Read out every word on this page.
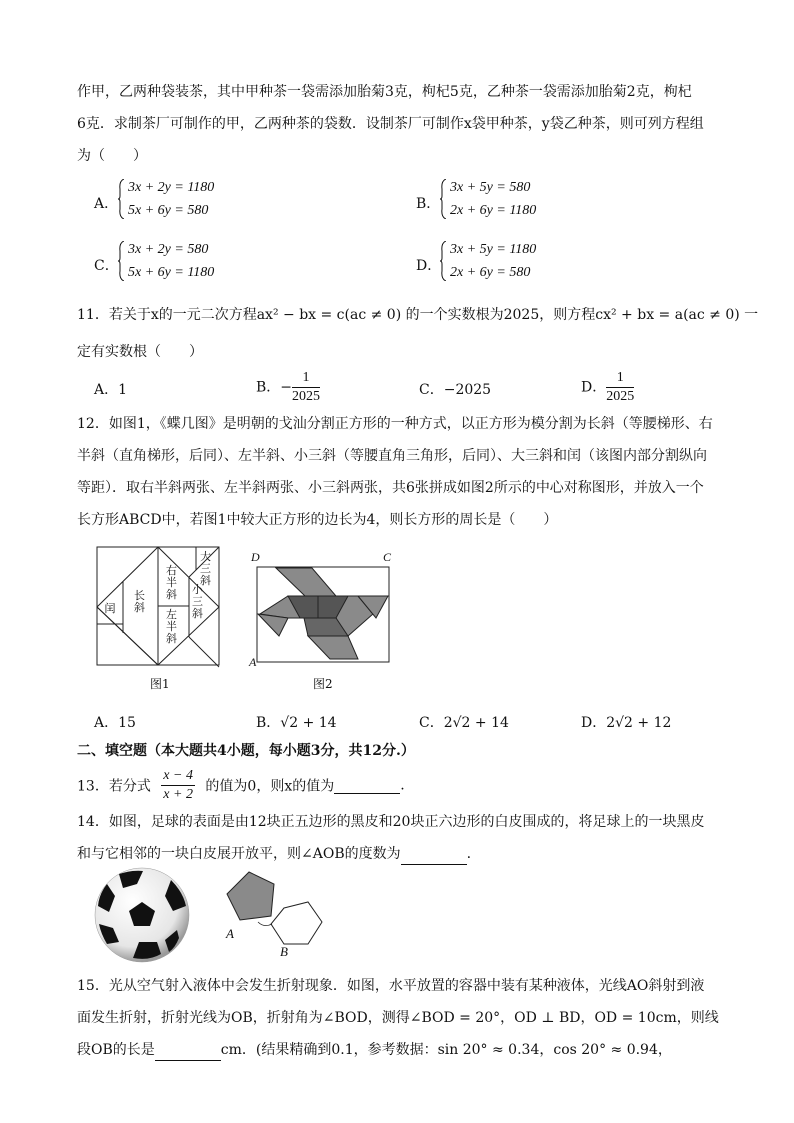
作甲，乙两种袋装茶，其中甲种茶一袋需添加胎菊3克，枸杞5克，乙种茶一袋需添加胎菊2克，枸杞
6克．求制茶厂可制作的甲，乙两种茶的袋数．设制茶厂可制作x袋甲种茶，y袋乙种茶，则可列方程组
为（　　）
A．
3x + 2y = 1180
5x + 6y = 580	B．
3x + 5y = 580
2x + 6y = 1180
C．
3x + 2y = 580
5x + 6y = 1180	D．
3x + 5y = 1180
2x + 6y = 580
11．若关于x的一元二次方程ax² − bx = c(ac ≠ 0) 的一个实数根为2025，则方程cx² + bx = a(ac ≠ 0) 一
定有实数根（　　）
A．1	B．− $\frac{1}{2025}$	C．−2025	D． $\frac{1}{2025}$
12．如图1，《蝶几图》是明朝的戈汕分割正方形的一种方式，以正方形为模分割为长斜（等腰梯形、右
半斜（直角梯形，后同）、左半斜、小三斜（等腰直角三角形，后同）、大三斜和闰（该图内部分割纵向
等距）．取右半斜两张、左半斜两张、小三斜两张，共6张拼成如图2所示的中心对称图形，并放入一个
长方形ABCD中，若图1中较大正方形的边长为4，则长方形的周长是（　　）
闰
长
斜
右
半
斜
左
半
斜
小
三
斜
大
三
斜
图1
D	C
A
图2
A．15	B．√2 + 14	C．2√2 + 14	D．2√2 + 12
二、填空题（本大题共4小题，每小题3分，共12分.）
13．若分式 $\frac{x - 4}{x + 2}$ 的值为0，则x的值为	.
14．如图，足球的表面是由12块正五边形的黑皮和20块正六边形的白皮围成的，将足球上的一块黑皮
和与它相邻的一块白皮展开放平，则∠AOB的度数为	.
A
B
15．光从空气射入液体中会发生折射现象．如图，水平放置的容器中装有某种液体，光线AO斜射到液
面发生折射，折射光线为OB，折射角为∠BOD，测得∠BOD = 20°，OD ⊥ BD，OD = 10cm，则线
段OB的长是	cm．(结果精确到0.1，参考数据：sin 20° ≈ 0.34，cos 20° ≈ 0.94，
